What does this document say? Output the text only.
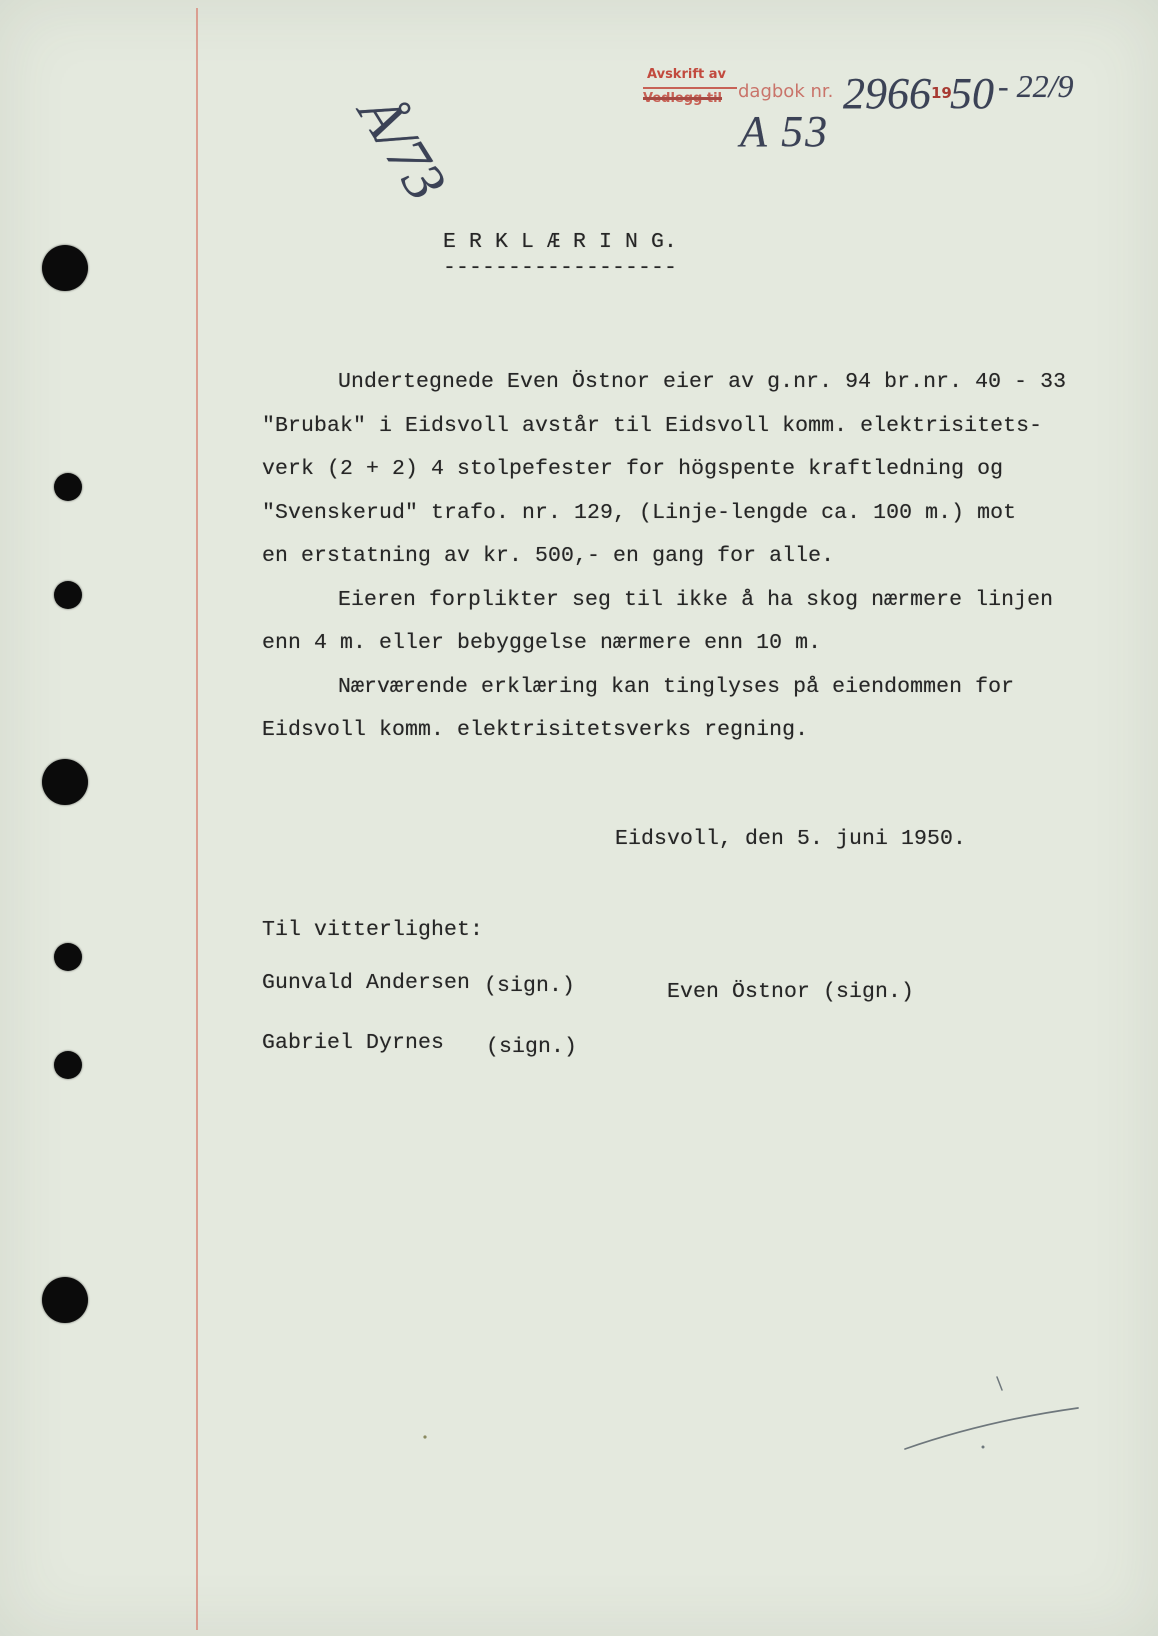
Avskrift av
Vedlegg til dagbok nr. 2966 19
50 - 22/9
A 53
Å/73
E R K L Æ R I N G.
------------------
Undertegnede Even Östnor eier av g.nr. 94 br.nr. 40 - 33
"Brubak" i Eidsvoll avstår til Eidsvoll komm. elektrisitets-
verk (2 + 2) 4 stolpefester for högspente kraftledning og
"Svenskerud" trafo. nr. 129, (Linje-lengde ca. 100 m.) mot
en erstatning av kr. 500,- en gang for alle.
Eieren forplikter seg til ikke å ha skog nærmere linjen
enn 4 m. eller bebyggelse nærmere enn 10 m.
Nærværende erklæring kan tinglyses på eiendommen for
Eidsvoll komm. elektrisitetsverks regning.
Eidsvoll, den 5. juni 1950.
Til vitterlighet:
Gunvald Andersen (sign.)
Gabriel Dyrnes (sign.)
Even Östnor (sign.)
